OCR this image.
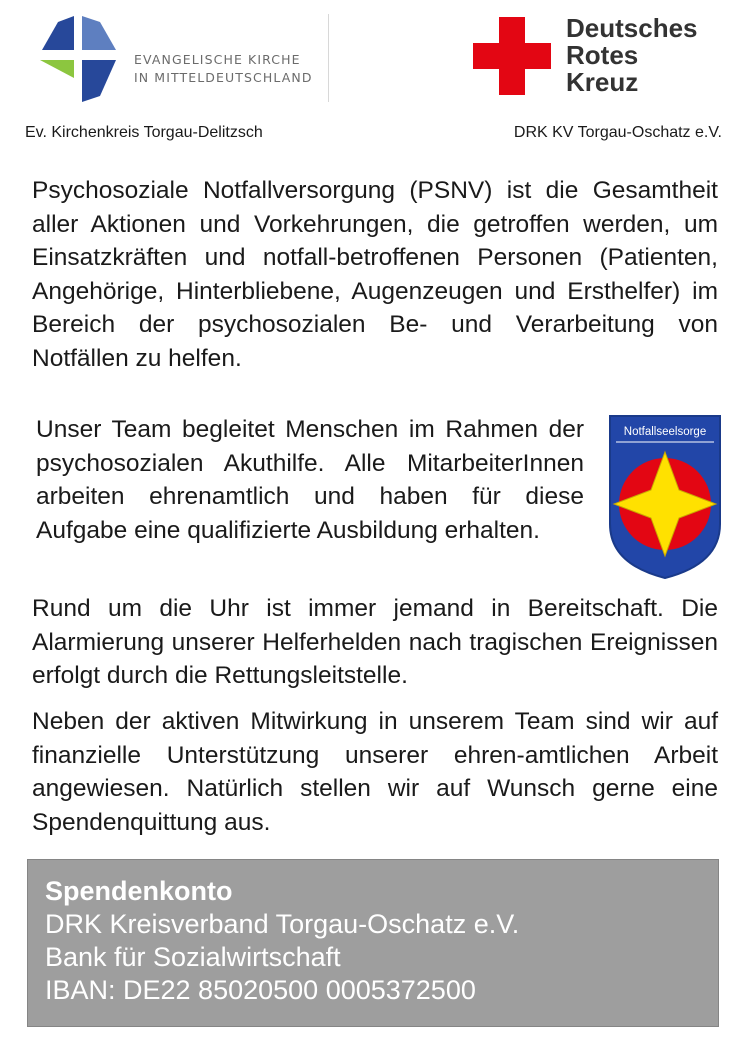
EVANGELISCHE KIRCHE
IN MITTELDEUTSCHLAND
Deutsches
Rotes
Kreuz
Ev. Kirchenkreis Torgau-Delitzsch	DRK KV Torgau-Oschatz e.V.

Psychosoziale Notfallversorgung (PSNV) ist die Gesamtheit aller Aktionen und Vorkehrungen, die getroffen werden, um Einsatzkräften und notfall-betroffenen Personen (Patienten, Angehörige, Hinterbliebene, Augenzeugen und Ersthelfer) im Bereich der psychosozialen Be- und Verarbeitung von Notfällen zu helfen.

Unser Team begleitet Menschen im Rahmen der psychosozialen Akuthilfe. Alle MitarbeiterInnen arbeiten ehrenamtlich und haben für diese Aufgabe eine qualifizierte Ausbildung erhalten.

Notfallseelsorge

Rund um die Uhr ist immer jemand in Bereitschaft. Die Alarmierung unserer Helferhelden nach tragischen Ereignissen erfolgt durch die Rettungsleitstelle.

Neben der aktiven Mitwirkung in unserem Team sind wir auf finanzielle Unterstützung unserer ehren-amtlichen Arbeit angewiesen. Natürlich stellen wir auf Wunsch gerne eine Spendenquittung aus.

Spendenkonto
DRK Kreisverband Torgau-Oschatz e.V.
Bank für Sozialwirtschaft
IBAN: DE22 85020500 0005372500
